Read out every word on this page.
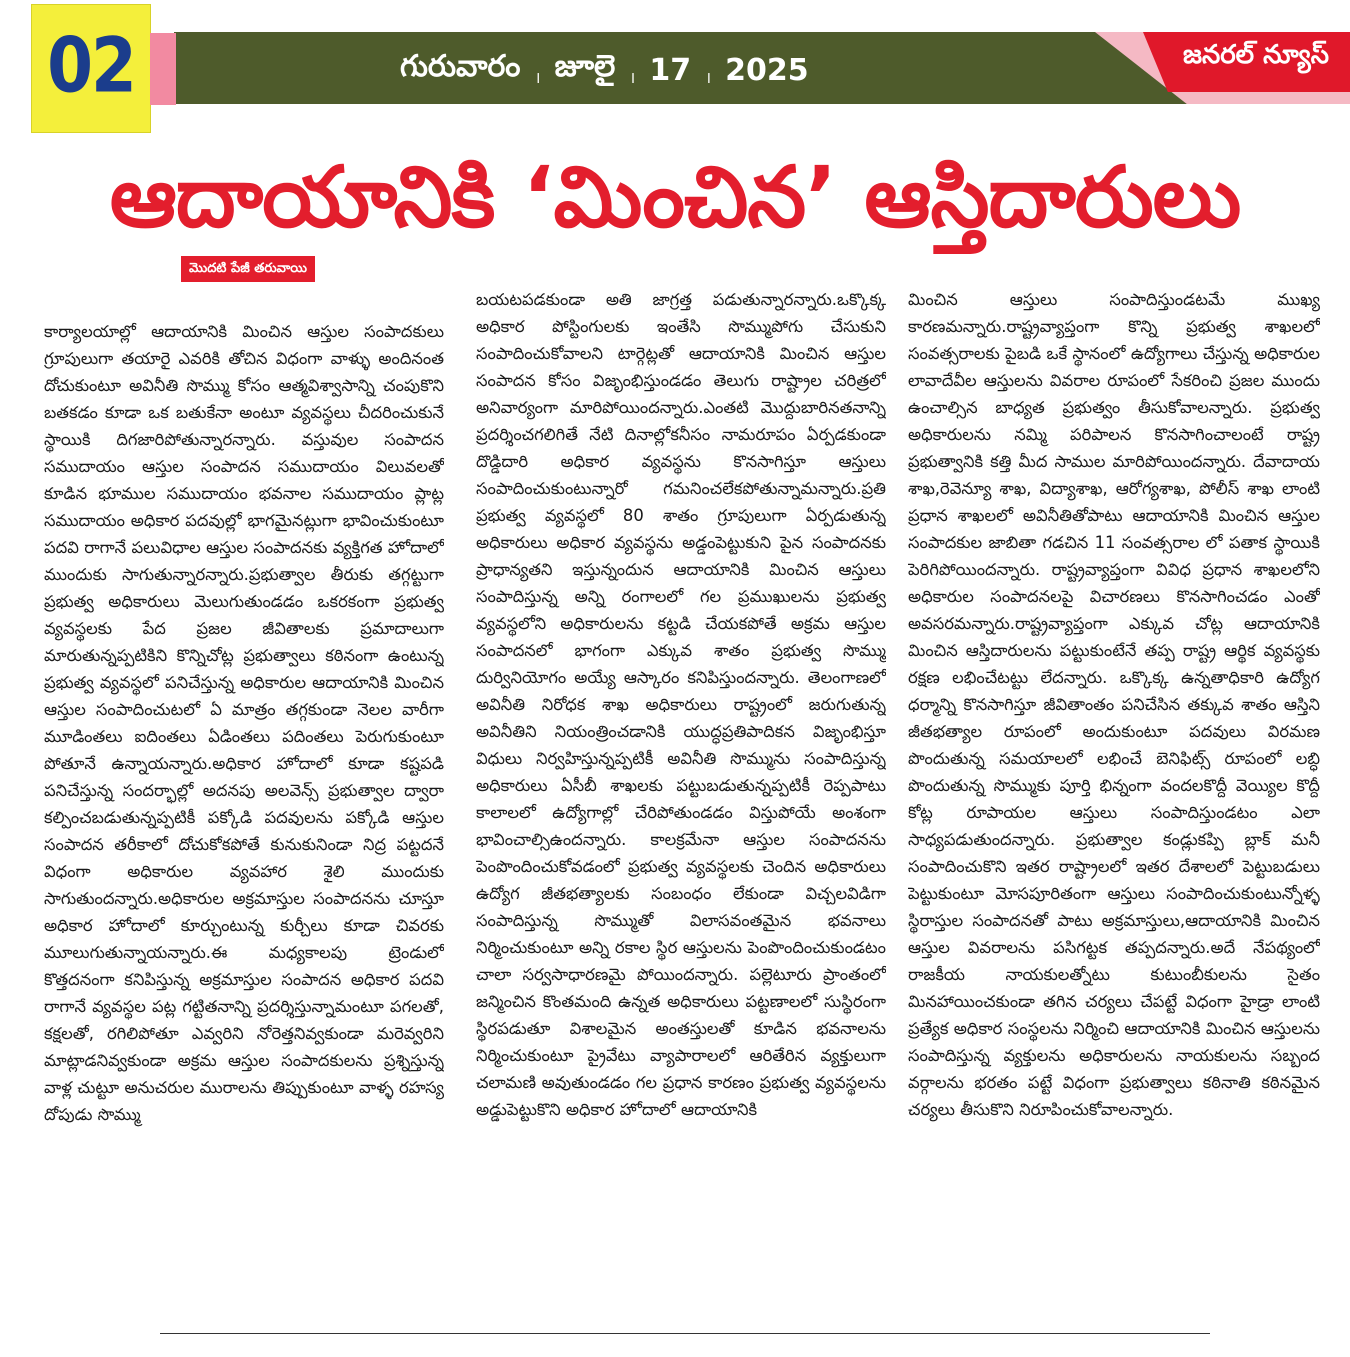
02	గురువారం । జూలై । 17 । 2025	జనరల్ న్యూస్
ఆదాయానికి ‘మించిన’ ఆస్తిదారులు
మొదటి పేజీ తరువాయి

కార్యాలయాల్లో ఆదాయానికి మించిన ఆస్తుల సంపాదకులు గ్రూపులుగా తయారై ఎవరికి తోచిన విధంగా వాళ్ళు అందినంత దోచుకుంటూ అవినీతి సొమ్ము కోసం ఆత్మవిశ్వాసాన్ని చంపుకొని బతకడం కూడా ఒక బతుకేనా అంటూ వ్యవస్థలు చీదరించుకునే స్థాయికి దిగజారిపోతున్నారన్నారు. వస్తువుల సంపాదన సముదాయం ఆస్తుల సంపాదన సముదాయం విలువలతో కూడిన భూముల సముదాయం భవనాల సముదాయం ప్లాట్ల సముదాయం అధికార పదవుల్లో భాగమైనట్లుగా భావించుకుంటూ పదవి రాగానే పలువిధాల ఆస్తుల సంపాదనకు వ్యక్తిగత హోదాలో ముందుకు సాగుతున్నారన్నారు.ప్రభుత్వాల తీరుకు తగ్గట్టుగా ప్రభుత్వ అధికారులు మెలుగుతుండడం ఒకరకంగా ప్రభుత్వ వ్యవస్థలకు పేద ప్రజల జీవితాలకు ప్రమాదాలుగా మారుతున్నప్పటికిని కొన్నిచోట్ల ప్రభుత్వాలు కఠినంగా ఉంటున్న ప్రభుత్వ వ్యవస్థలో పనిచేస్తున్న అధికారుల ఆదాయానికి మించిన ఆస్తుల సంపాదించుటలో ఏ మాత్రం తగ్గకుండా నెలల వారీగా మూడింతలు ఐదింతలు ఏడింతలు పదింతలు పెరుగుకుంటూ పోతూనే ఉన్నాయన్నారు.అధికార హోదాలో కూడా కష్టపడి పనిచేస్తున్న సందర్భాల్లో అదనపు అలవెన్స్ ప్రభుత్వాల ద్వారా కల్పించబడుతున్నప్పటికీ పక్కోడి పదవులను పక్కోడి ఆస్తుల సంపాదన తరీకాలో దోచుకోకపోతే కునుకునిండా నిద్ర పట్టదనే విధంగా అధికారుల వ్యవహార శైలి ముందుకు సాగుతుందన్నారు.అధికారుల అక్రమాస్తుల సంపాదనను చూస్తూ అధికార హోదాలో కూర్చుంటున్న కుర్చీలు కూడా చివరకు మూలుగుతున్నాయన్నారు.ఈ మధ్యకాలపు ట్రెండులో కొత్తదనంగా కనిపిస్తున్న అక్రమాస్తుల సంపాదన అధికార పదవి రాగానే వ్యవస్థల పట్ల గట్టితనాన్ని ప్రదర్శిస్తున్నామంటూ పగలతో, కక్షలతో, రగిలిపోతూ ఎవ్వరిని నోరెత్తనివ్వకుండా మరెవ్వరిని మాట్లాడనివ్వకుండా అక్రమ ఆస్తుల సంపాదకులను ప్రశ్నిస్తున్న వాళ్ల చుట్టూ అనుచరుల మురాలను తిప్పుకుంటూ వాళ్ళ రహస్య దోపుడు సొమ్ము

బయటపడకుండా అతి జాగ్రత్త పడుతున్నారన్నారు.ఒక్కొక్క అధికార పోస్టింగులకు ఇంతేసి సొమ్ముపోగు చేసుకుని సంపాదించుకోవాలని టార్గెట్లతో ఆదాయానికి మించిన ఆస్తుల సంపాదన కోసం విజృంభిస్తుండడం తెలుగు రాష్ట్రాల చరిత్రలో అనివార్యంగా మారిపోయిందన్నారు.ఎంతటి మొద్దుబారినతనాన్ని ప్రదర్శించగలిగితే నేటి దినాల్లోకనీసం నామరూపం ఏర్పడకుండా దొడ్డిదారి అధికార వ్యవస్థను కొనసాగిస్తూ ఆస్తులు సంపాదించుకుంటున్నారో గమనించలేకపోతున్నామన్నారు.ప్రతి ప్రభుత్వ వ్యవస్థలో 80 శాతం గ్రూపులుగా ఏర్పడుతున్న అధికారులు అధికార వ్యవస్థను అడ్డంపెట్టుకుని పైన సంపాదనకు ప్రాధాన్యతని ఇస్తున్నందున ఆదాయానికి మించిన ఆస్తులు సంపాదిస్తున్న అన్ని రంగాలలో గల ప్రముఖులను ప్రభుత్వ వ్యవస్థలోని అధికారులను కట్టడి చేయకపోతే అక్రమ ఆస్తుల సంపాదనలో భాగంగా ఎక్కువ శాతం ప్రభుత్వ సొమ్ము దుర్వినియోగం అయ్యే ఆస్కారం కనిపిస్తుందన్నారు. తెలంగాణలో అవినీతి నిరోధక శాఖ అధికారులు రాష్ట్రంలో జరుగుతున్న అవినీతిని నియంత్రించడానికి యుద్ధప్రతిపాదికన విజృంభిస్తూ విధులు నిర్వహిస్తున్నప్పటికీ అవినీతి సొమ్మును సంపాదిస్తున్న అధికారులు ఏసీబీ శాఖలకు పట్టుబడుతున్నప్పటికీ రెప్పపాటు కాలాలలో ఉద్యోగాల్లో చేరిపోతుండడం విస్తుపోయే అంశంగా భావించాల్సిఉందన్నారు. కాలక్రమేనా ఆస్తుల సంపాదనను పెంపొందించుకోవడంలో ప్రభుత్వ వ్యవస్థలకు చెందిన అధికారులు ఉద్యోగ జీతభత్యాలకు సంబంధం లేకుండా విచ్చలవిడిగా సంపాదిస్తున్న సొమ్ముతో విలాసవంతమైన భవనాలు నిర్మించుకుంటూ అన్ని రకాల స్థిర ఆస్తులను పెంపొందించుకుండటం చాలా సర్వసాధారణమై పోయిందన్నారు. పల్లెటూరు ప్రాంతంలో జన్మించిన కొంతమంది ఉన్నత అధికారులు పట్టణాలలో సుస్థిరంగా స్థిరపడుతూ విశాలమైన అంతస్తులతో కూడిన భవనాలను నిర్మించుకుంటూ ప్రైవేటు వ్యాపారాలలో ఆరితేరిన వ్యక్తులుగా చలామణి అవుతుండడం గల ప్రధాన కారణం ప్రభుత్వ వ్యవస్థలను అడ్డుపెట్టుకొని అధికార హోదాలో ఆదాయానికి

మించిన ఆస్తులు సంపాదిస్తుండటమే ముఖ్య కారణమన్నారు.రాష్ట్రవ్యాప్తంగా కొన్ని ప్రభుత్వ శాఖలలో సంవత్సరాలకు పైబడి ఒకే స్థానంలో ఉద్యోగాలు చేస్తున్న అధికారుల లావాదేవీల ఆస్తులను వివరాల రూపంలో సేకరించి ప్రజల ముందు ఉంచాల్సిన బాధ్యత ప్రభుత్వం తీసుకోవాలన్నారు. ప్రభుత్వ అధికారులను నమ్మి పరిపాలన కొనసాగించాలంటే రాష్ట్ర ప్రభుత్వానికి కత్తి మీద సాముల మారిపోయిందన్నారు. దేవాదాయ శాఖ,రెవెన్యూ శాఖ, విద్యాశాఖ, ఆరోగ్యశాఖ, పోలీస్ శాఖ లాంటి ప్రధాన శాఖలలో అవినీతితోపాటు ఆదాయానికి మించిన ఆస్తుల సంపాదకుల జాబితా గడచిన 11 సంవత్సరాల లో పతాక స్థాయికి పెరిగిపోయిందన్నారు. రాష్ట్రవ్యాప్తంగా వివిధ ప్రధాన శాఖలలోని అధికారుల సంపాదనలపై విచారణలు కొనసాగించడం ఎంతో అవసరమన్నారు.రాష్ట్రవ్యాప్తంగా ఎక్కువ చోట్ల ఆదాయానికి మించిన ఆస్తిదారులను పట్టుకుంటేనే తప్ప రాష్ట్ర ఆర్థిక వ్యవస్థకు రక్షణ లభించేటట్టు లేదన్నారు. ఒక్కొక్క ఉన్నతాధికారి ఉద్యోగ ధర్మాన్ని కొనసాగిస్తూ జీవితాంతం పనిచేసిన తక్కువ శాతం ఆస్తిని జీతభత్యాల రూపంలో అందుకుంటూ పదవులు విరమణ పొందుతున్న సమయాలలో లభించే బెనిఫిట్స్ రూపంలో లబ్ధి పొందుతున్న సొమ్ముకు పూర్తి భిన్నంగా వందలకొద్దీ వెయ్యిల కొద్దీ కోట్ల రూపాయల ఆస్తులు సంపాదిస్తుండటం ఎలా సాధ్యపడుతుందన్నారు. ప్రభుత్వాల కండ్లుకప్పి బ్లాక్ మనీ సంపాదించుకొని ఇతర రాష్ట్రాలలో ఇతర దేశాలలో పెట్టుబడులు పెట్టుకుంటూ మోసపూరితంగా ఆస్తులు సంపాదించుకుంటున్నోళ్ళ స్థిరాస్తుల సంపాదనతో పాటు అక్రమాస్తులు,ఆదాయానికి మించిన ఆస్తుల వివరాలను పసిగట్టక తప్పదన్నారు.అదే నేపథ్యంలో రాజకీయ నాయకులత్నోటు కుటుంబీకులను సైతం మినహాయించకుండా తగిన చర్యలు చేపట్టే విధంగా హైడ్రా లాంటి ప్రత్యేక అధికార సంస్థలను నిర్మించి ఆదాయానికి మించిన ఆస్తులను సంపాదిస్తున్న వ్యక్తులను అధికారులను నాయకులను సబ్బంద వర్గాలను భరతం పట్టే విధంగా ప్రభుత్వాలు కఠినాతి కఠినమైన చర్యలు తీసుకొని నిరూపించుకోవాలన్నారు.
